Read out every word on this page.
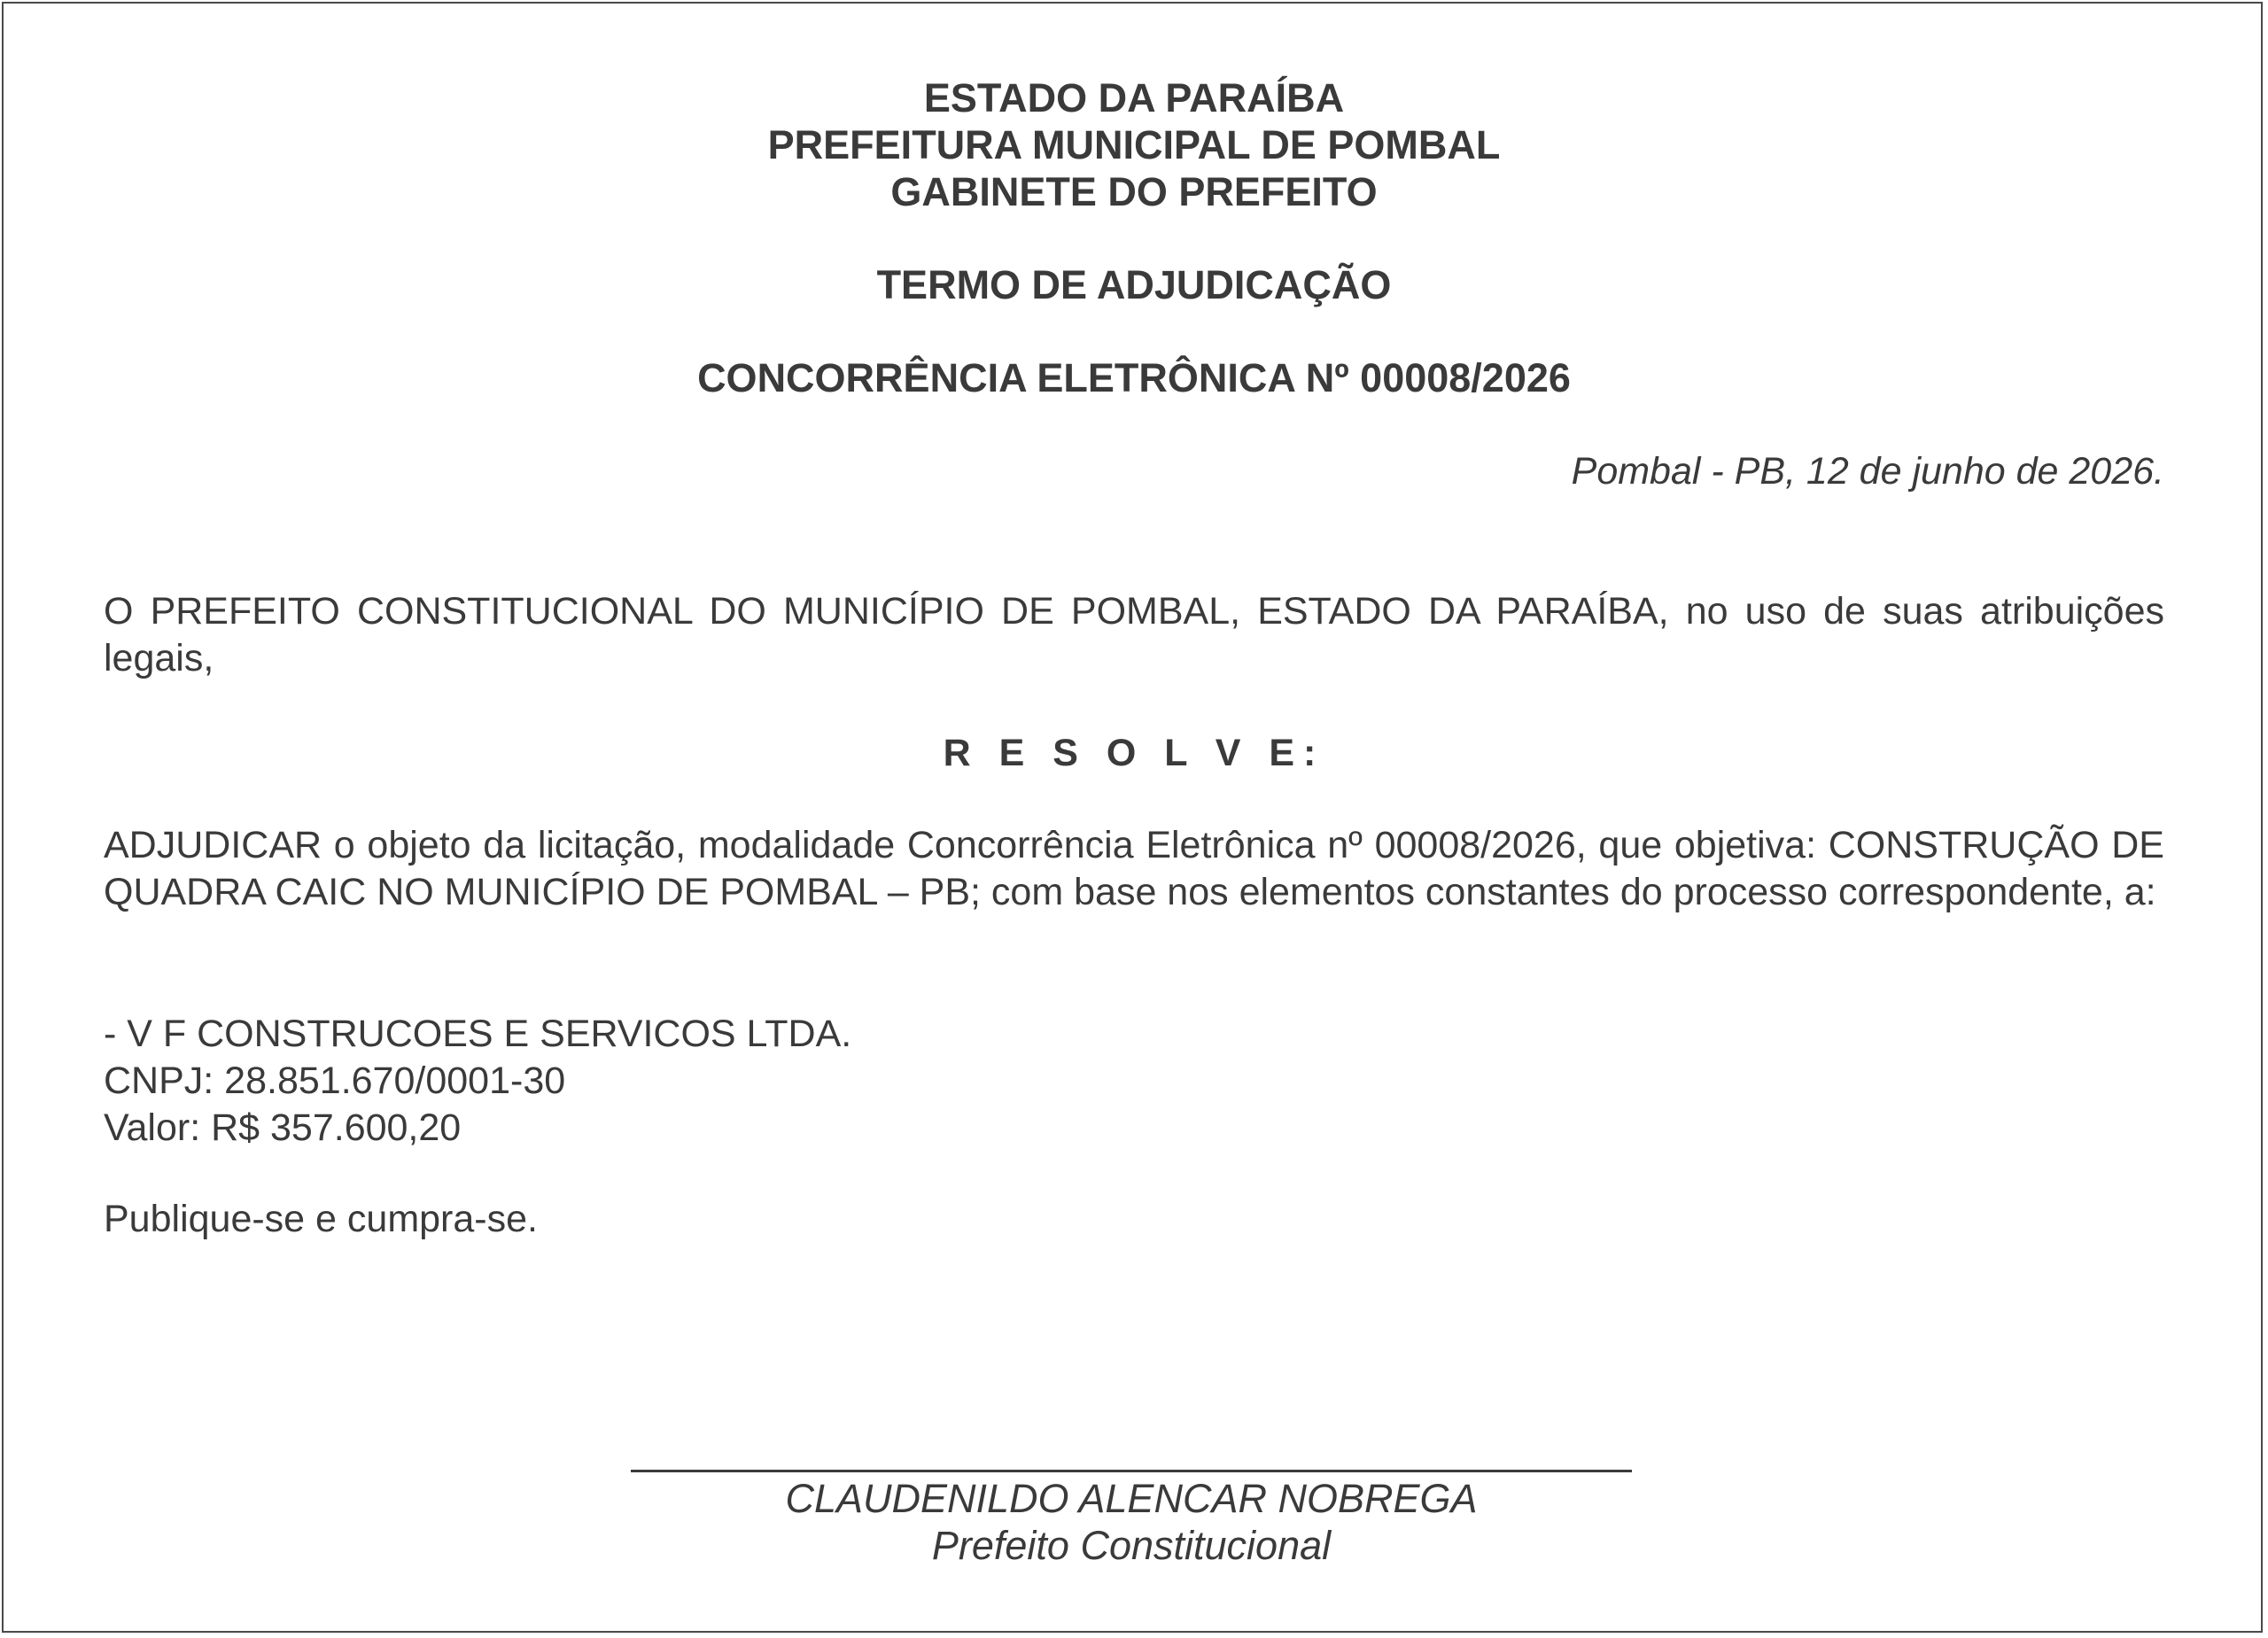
ESTADO DA PARAÍBA
PREFEITURA MUNICIPAL DE POMBAL
GABINETE DO PREFEITO
TERMO DE ADJUDICAÇÃO
CONCORRÊNCIA ELETRÔNICA Nº 00008/2026
Pombal - PB, 12 de junho de 2026.
O PREFEITO CONSTITUCIONAL DO MUNICÍPIO DE POMBAL, ESTADO DA PARAÍBA, no uso de suas atribuições legais,
R E S O L V E:
ADJUDICAR o objeto da licitação, modalidade Concorrência Eletrônica nº 00008/2026, que objetiva: CONSTRUÇÃO DE QUADRA CAIC NO MUNICÍPIO DE POMBAL – PB; com base nos elementos constantes do processo correspondente, a:
- V F CONSTRUCOES E SERVICOS LTDA.
CNPJ: 28.851.670/0001-30
Valor: R$ 357.600,20
Publique-se e cumpra-se.
CLAUDENILDO ALENCAR NOBREGA
Prefeito Constitucional
